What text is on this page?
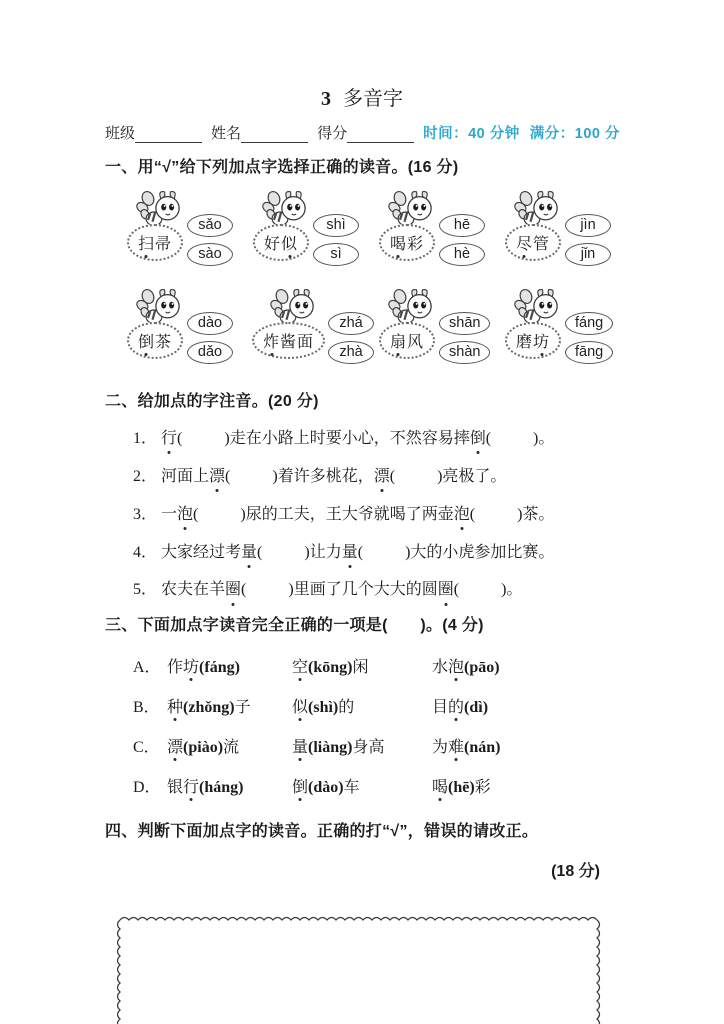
3 多音字
班级	姓名	得分	时间：40 分钟 满分：100 分
一、用“√”给下列加点字选择正确的读音。(16 分)
扫 帚
sǎo
sào
好 似
shì
sì
喝 彩
hē
hè
尽 管
jìn
jǐn
倒 茶
dào
dǎo
炸 酱 面
zhá
zhà
扇 风
shān
shàn
磨 坊
fáng
fāng
二、给加点的字注音。(20 分)
1． 行(	)走在小路上时要小心，不然容易摔倒(	)。
2． 河面上漂(	)着许多桃花，漂(	)亮极了。
3． 一泡(	)尿的工夫，王大爷就喝了两壶泡(	)茶。
4． 大家经过考量(	)让力量(	)大的小虎参加比赛。
5． 农夫在羊圈(	)里画了几个大大的圆圈(	)。
三、下面加点字读音完全正确的一项是(　　)。(4 分)
A． 作坊(fáng)	空(kōng)闲	水泡(pāo)
B． 种(zhǒng)子	似(shì)的	目的(dì)
C． 漂(piào)流	量(liàng)身高	为难(nán)
D． 银行(háng)	倒(dào)车	喝(hē)彩
四、判断下面加点字的读音。正确的打“√”，错误的请改正。
(18 分)
